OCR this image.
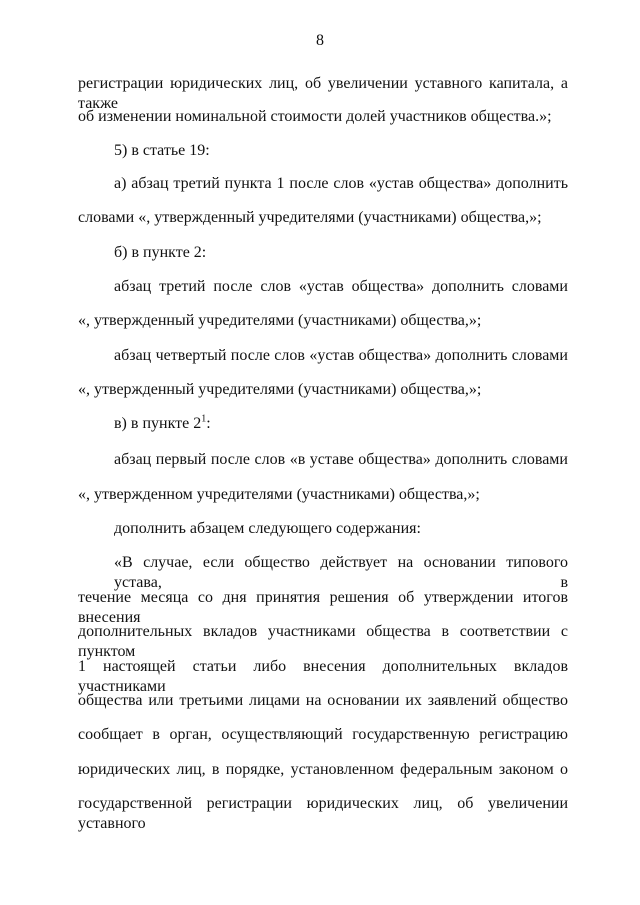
8
регистрации юридических лиц, об увеличении уставного капитала, а также
об изменении номинальной стоимости долей участников общества.»;
5) в статье 19:
а) абзац третий пункта 1 после слов «устав общества» дополнить
словами «, утвержденный учредителями (участниками) общества,»;
б) в пункте 2:
абзац третий после слов «устав общества» дополнить словами
«, утвержденный учредителями (участниками) общества,»;
абзац четвертый после слов «устав общества» дополнить словами
«, утвержденный учредителями (участниками) общества,»;
в) в пункте $2^1$:
абзац первый после слов «в уставе общества» дополнить словами
«, утвержденном учредителями (участниками) общества,»;
дополнить абзацем следующего содержания:
«В случае, если общество действует на основании типового устава, в
течение месяца со дня принятия решения об утверждении итогов внесения
дополнительных вкладов участниками общества в соответствии с пунктом
1 настоящей статьи либо внесения дополнительных вкладов участниками
общества или третьими лицами на основании их заявлений общество
сообщает в орган, осуществляющий государственную регистрацию
юридических лиц, в порядке, установленном федеральным законом о
государственной регистрации юридических лиц, об увеличении уставного
